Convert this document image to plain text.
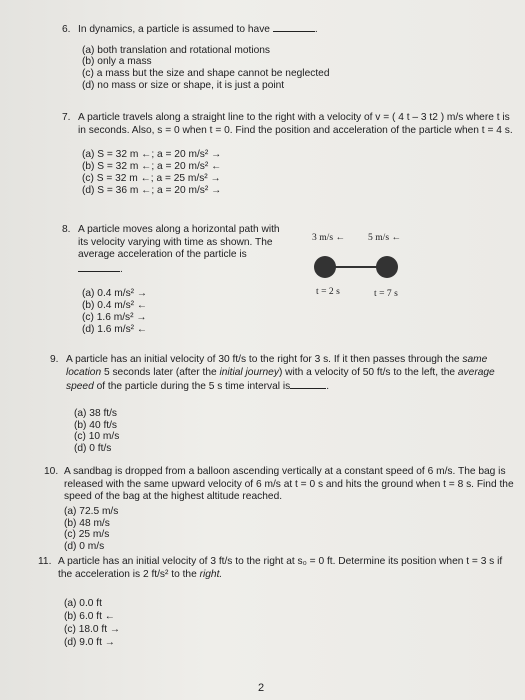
6. In dynamics, a particle is assumed to have	.

(a) both translation and rotational motions
(b) only a mass
(c) a mass but the size and shape cannot be neglected
(d) no mass or size or shape, it is just a point

7. A particle travels along a straight line to the right with a velocity of v = ( 4 t – 3 t2 ) m/s where t is

in seconds. Also, s = 0 when t = 0. Find the position and acceleration of the particle when t = 4 s.

(a) S = 32 m ←; a = 20 m/s² →
(b) S = 32 m ←; a = 20 m/s² ←
(c) S = 32 m ←; a = 25 m/s² →
(d) S = 36 m ←; a = 20 m/s² →

8. A particle moves along a horizontal path with

its velocity varying with time as shown. The

average acceleration of the particle is

.

(a) 0.4 m/s² →
(b) 0.4 m/s² ←
(c) 1.6 m/s² →
(d) 1.6 m/s² ←
3 m/s ← 5 m/s ←
t = 2 s	t = 7 s

9. A particle has an initial velocity of 30 ft/s to the right for 3 s. If it then passes through the same

location 5 seconds later (after the initial journey) with a velocity of 50 ft/s to the left, the average

speed of the particle during the 5 s time interval is	.

(a) 38 ft/s
(b) 40 ft/s
(c) 10 m/s
(d) 0 ft/s

10. A sandbag is dropped from a balloon ascending vertically at a constant speed of 6 m/s. The bag is

released with the same upward velocity of 6 m/s at t = 0 s and hits the ground when t = 8 s. Find the

speed of the bag at the highest altitude reached.

(a) 72.5 m/s
(b) 48 m/s
(c) 25 m/s
(d) 0 m/s

11. A particle has an initial velocity of 3 ft/s to the right at s₀ = 0 ft. Determine its position when t = 3 s if

the acceleration is 2 ft/s² to the right.

(a) 0.0 ft
(b) 6.0 ft ←
(c) 18.0 ft →
(d) 9.0 ft →
2
